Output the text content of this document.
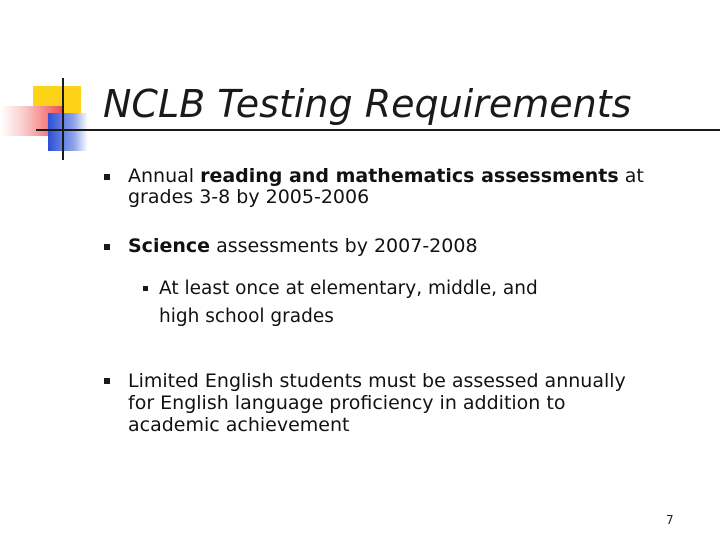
NCLB Testing Requirements
Annual reading and mathematics assessments at
grades 3-8 by 2005-2006
Science assessments by 2007-2008
At least once at elementary, middle, and
high school grades
Limited English students must be assessed annually
for English language proficiency in addition to
academic achievement
7
